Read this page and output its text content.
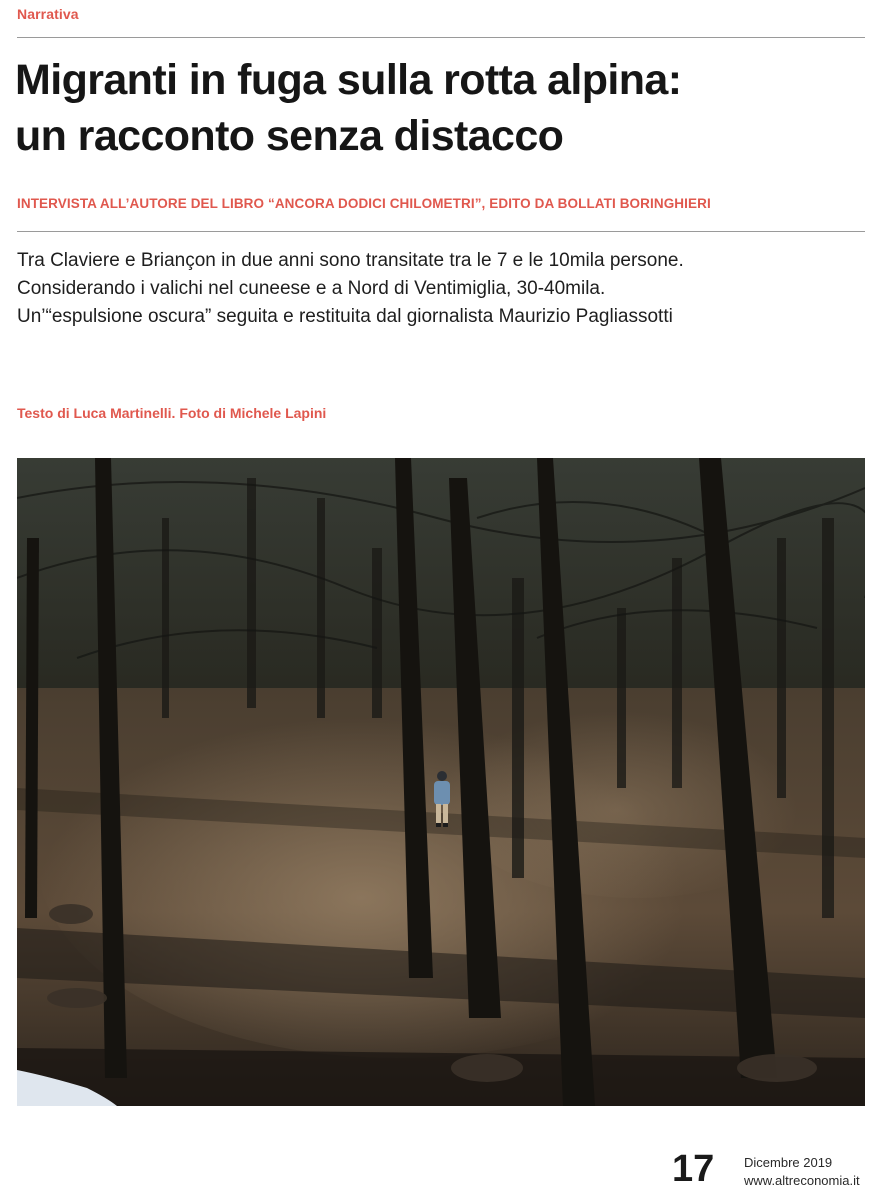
Narrativa
Migranti in fuga sulla rotta alpina:
un racconto senza distacco
INTERVISTA ALL’AUTORE DEL LIBRO “ANCORA DODICI CHILOMETRI”, EDITO DA BOLLATI BORINGHIERI

Tra Claviere e Briançon in due anni sono transitate tra le 7 e le 10mila persone.
Considerando i valichi nel cuneese e a Nord di Ventimiglia, 30-40mila.
Un’“espulsione oscura” seguita e restituita dal giornalista Maurizio Pagliassotti

Testo di Luca Martinelli. Foto di Michele Lapini
17 Dicembre 2019
www.altreconomia.it
